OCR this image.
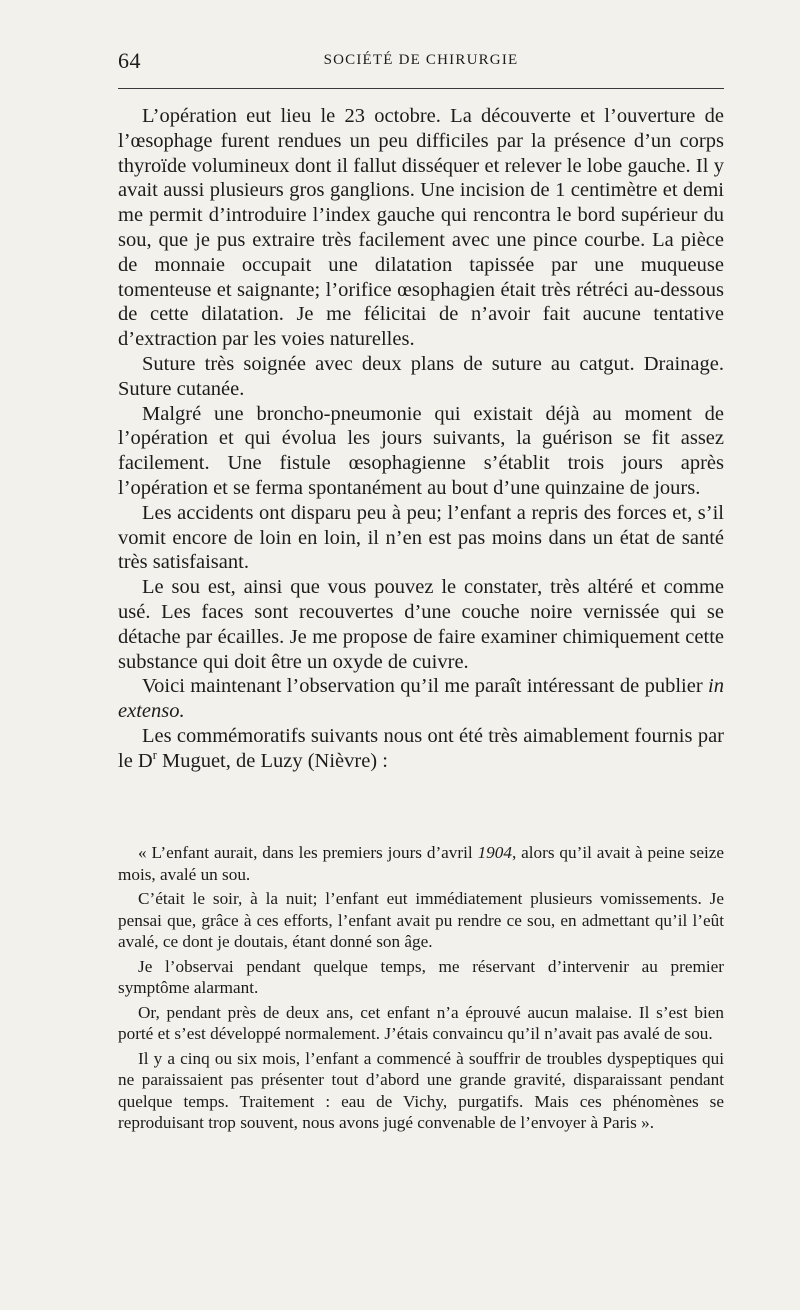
64	SOCIÉTÉ DE CHIRURGIE

L’opération eut lieu le 23 octobre. La découverte et l’ouverture de l’œsophage furent rendues un peu difficiles par la présence d’un corps thyroïde volumineux dont il fallut disséquer et relever le lobe gauche. Il y avait aussi plusieurs gros ganglions. Une incision de 1 centimètre et demi me permit d’introduire l’index gauche qui rencontra le bord supérieur du sou, que je pus extraire très facilement avec une pince courbe. La pièce de monnaie occupait une dilatation tapissée par une muqueuse tomenteuse et saignante; l’orifice œsophagien était très rétréci au-dessous de cette dilatation. Je me félicitai de n’avoir fait aucune tentative d’extraction par les voies naturelles.

Suture très soignée avec deux plans de suture au catgut. Drainage. Suture cutanée.

Malgré une broncho-pneumonie qui existait déjà au moment de l’opération et qui évolua les jours suivants, la guérison se fit assez facilement. Une fistule œsophagienne s’établit trois jours après l’opération et se ferma spontanément au bout d’une quinzaine de jours.

Les accidents ont disparu peu à peu; l’enfant a repris des forces et, s’il vomit encore de loin en loin, il n’en est pas moins dans un état de santé très satisfaisant.

Le sou est, ainsi que vous pouvez le constater, très altéré et comme usé. Les faces sont recouvertes d’une couche noire vernissée qui se détache par écailles. Je me propose de faire examiner chimiquement cette substance qui doit être un oxyde de cuivre.

Voici maintenant l’observation qu’il me paraît intéressant de publier in extenso.

Les commémoratifs suivants nous ont été très aimablement fournis par le $D^r$ Muguet, de Luzy (Nièvre) :

« L’enfant aurait, dans les premiers jours d’avril 1904, alors qu’il avait à peine seize mois, avalé un sou.

C’était le soir, à la nuit; l’enfant eut immédiatement plusieurs vomissements. Je pensai que, grâce à ces efforts, l’enfant avait pu rendre ce sou, en admettant qu’il l’eût avalé, ce dont je doutais, étant donné son âge.

Je l’observai pendant quelque temps, me réservant d’intervenir au premier symptôme alarmant.

Or, pendant près de deux ans, cet enfant n’a éprouvé aucun malaise. Il s’est bien porté et s’est développé normalement. J’étais convaincu qu’il n’avait pas avalé de sou.

Il y a cinq ou six mois, l’enfant a commencé à souffrir de troubles dyspeptiques qui ne paraissaient pas présenter tout d’abord une grande gravité, disparaissant pendant quelque temps. Traitement : eau de Vichy, purgatifs. Mais ces phénomènes se reproduisant trop souvent, nous avons jugé convenable de l’envoyer à Paris ».
